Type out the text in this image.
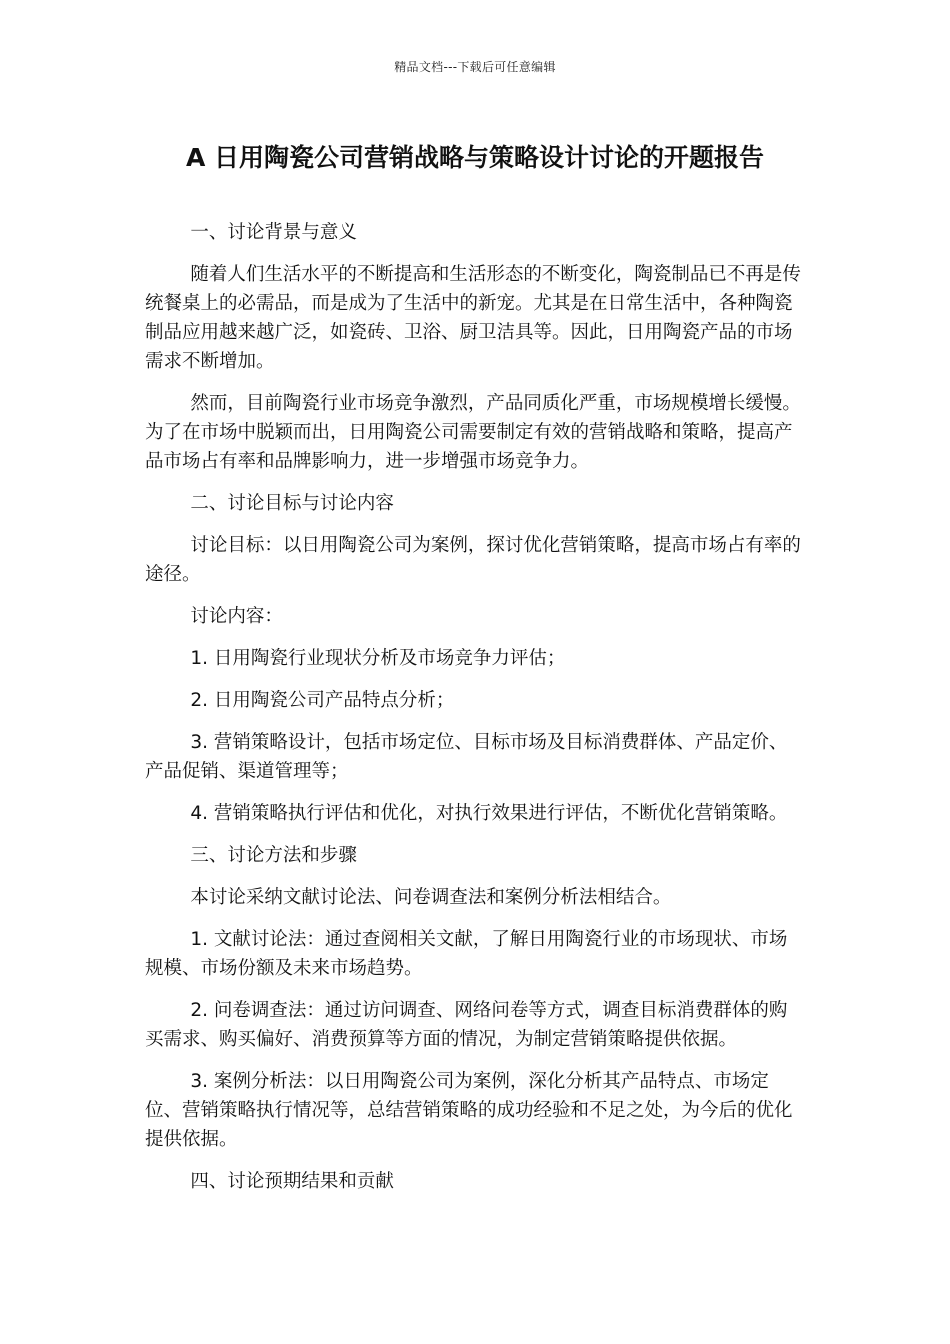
精品文档---下载后可任意编辑
A 日用陶瓷公司营销战略与策略设计讨论的开题报告

一、讨论背景与意义

随着人们生活水平的不断提高和生活形态的不断变化，陶瓷制品已不再是传统餐桌上的必需品，而是成为了生活中的新宠。尤其是在日常生活中，各种陶瓷制品应用越来越广泛，如瓷砖、卫浴、厨卫洁具等。因此，日用陶瓷产品的市场需求不断增加。

然而，目前陶瓷行业市场竞争激烈，产品同质化严重，市场规模增长缓慢。为了在市场中脱颖而出，日用陶瓷公司需要制定有效的营销战略和策略，提高产品市场占有率和品牌影响力，进一步增强市场竞争力。

二、讨论目标与讨论内容

讨论目标：以日用陶瓷公司为案例，探讨优化营销策略，提高市场占有率的途径。

讨论内容：

1. 日用陶瓷行业现状分析及市场竞争力评估；

2. 日用陶瓷公司产品特点分析；

3. 营销策略设计，包括市场定位、目标市场及目标消费群体、产品定价、产品促销、渠道管理等；

4. 营销策略执行评估和优化，对执行效果进行评估，不断优化营销策略。

三、讨论方法和步骤

本讨论采纳文献讨论法、问卷调查法和案例分析法相结合。

1. 文献讨论法：通过查阅相关文献，了解日用陶瓷行业的市场现状、市场规模、市场份额及未来市场趋势。

2. 问卷调查法：通过访问调查、网络问卷等方式，调查目标消费群体的购买需求、购买偏好、消费预算等方面的情况，为制定营销策略提供依据。

3. 案例分析法：以日用陶瓷公司为案例，深化分析其产品特点、市场定位、营销策略执行情况等，总结营销策略的成功经验和不足之处，为今后的优化提供依据。

四、讨论预期结果和贡献
